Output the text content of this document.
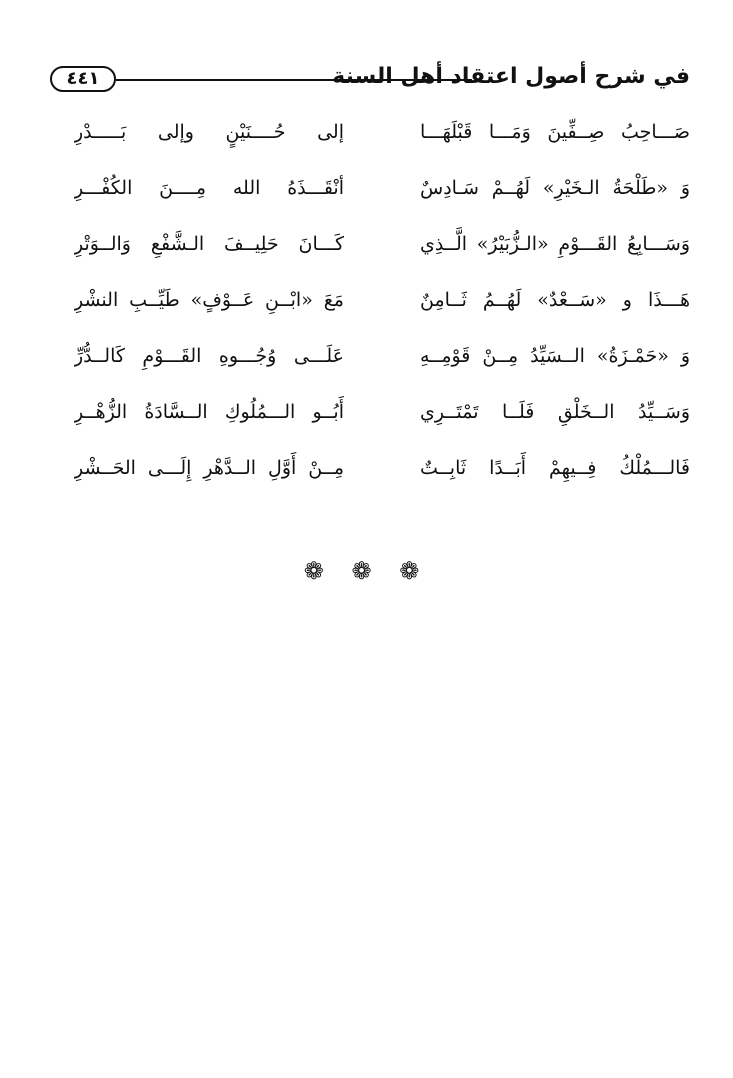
٤٤١	في شرح أصول اعتقاد أهل السنة
صَـــاحِبُ صِــفِّينَ وَمَـــا قَبْلَهَـــا
إلى حُــــنَيْنٍ وإلى بَـــــدْرِ
وَ «طَلْحَةُ الـخَيْرِ» لَهُــمْ سَـادِسٌ
أنْقَـــذَهُ الله مِــــنَ الكُفْـــرِ
وَسَـــابِعُ القَـــوْمِ «الـزُّبَيْرُ» الَّــذِي
كَـــانَ حَلِيــفَ الـشَّفْعِ وَالــوَتْرِ
هَـــذَا و «سَــعْدٌ» لَهُــمُ ثَــامِنٌ
مَعَ «ابْــنِ عَــوْفٍ» طَيِّــبِ النشْرِ
وَ «حَمْـزَةُ» الــسَيِّدُ مِــنْ قَوْمِــهِ
عَلَـــى وُجُـــوهِ القَـــوْمِ كَالــدُّرِّ
وَسَــيِّدُ الــخَلْقِ فَلَــا تَمْتَــرِي
أَبُــو الـــمُلُوكِ الــسَّادَةُ الزُّهْــرِ
فَالـــمُلْكُ فِــيهِمْ أَبَــدًا ثَابِــتٌ
مِــنْ أَوَّلِ الــدَّهْرِ إِلَـــى الحَــشْرِ
❁ ❁ ❁
